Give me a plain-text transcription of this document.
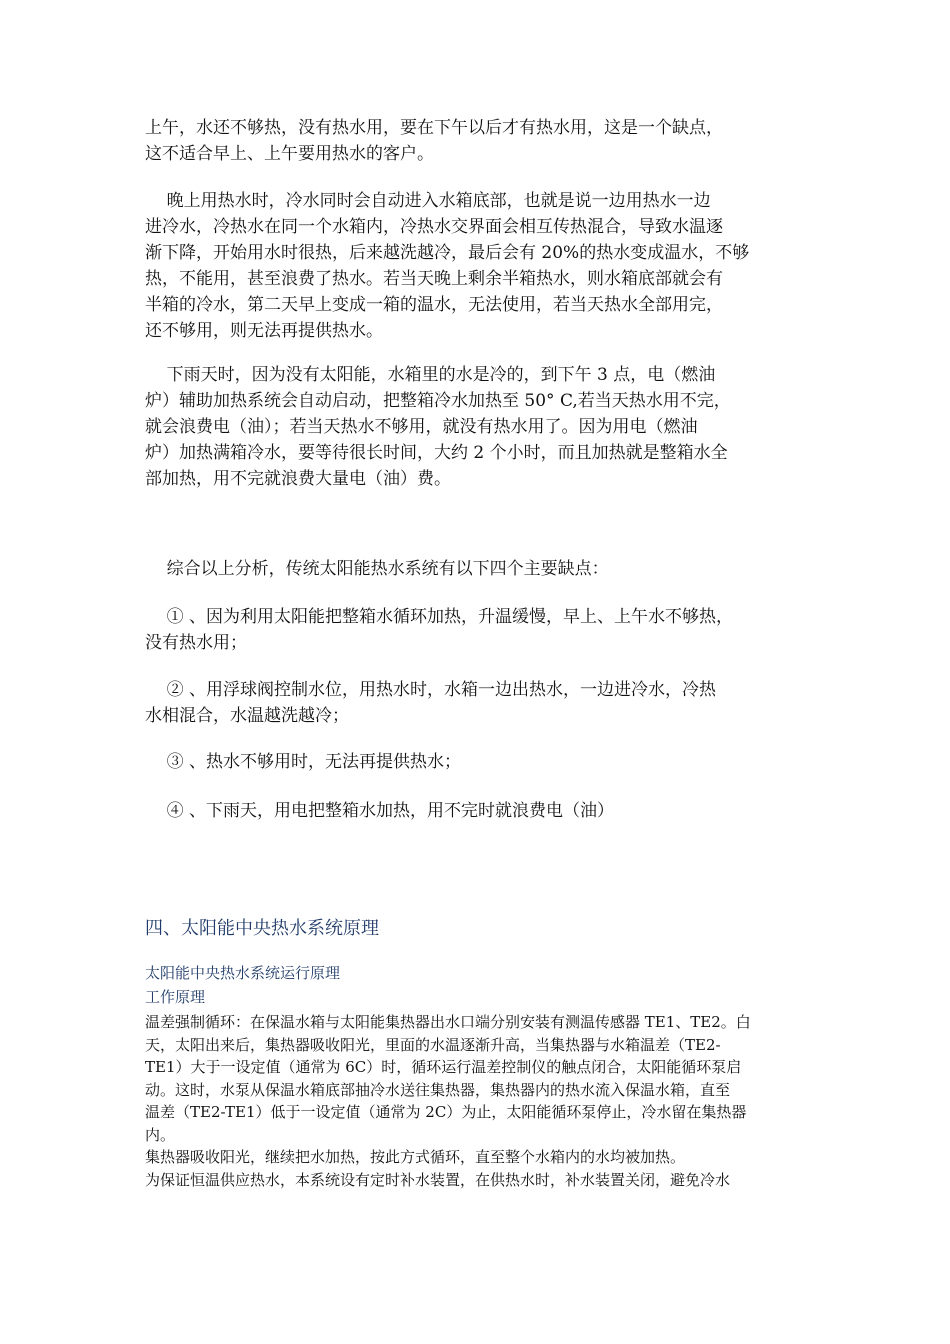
上午，水还不够热，没有热水用，要在下午以后才有热水用，这是一个缺点，

这不适合早上、上午要用热水的客户。

晚上用热水时，冷水同时会自动进入水箱底部，也就是说一边用热水一边

进冷水，冷热水在同一个水箱内，冷热水交界面会相互传热混合，导致水温逐

渐下降，开始用水时很热，后来越洗越冷，最后会有 20%的热水变成温水，不够

热，不能用，甚至浪费了热水。若当天晚上剩余半箱热水，则水箱底部就会有

半箱的冷水，第二天早上变成一箱的温水，无法使用，若当天热水全部用完，

还不够用，则无法再提供热水。

下雨天时，因为没有太阳能，水箱里的水是冷的，到下午 3 点，电（燃油

炉）辅助加热系统会自动启动，把整箱冷水加热至 50° C,若当天热水用不完，

就会浪费电（油）；若当天热水不够用，就没有热水用了。因为用电（燃油

炉）加热满箱冷水，要等待很长时间，大约 2 个小时，而且加热就是整箱水全

部加热，用不完就浪费大量电（油）费。

综合以上分析，传统太阳能热水系统有以下四个主要缺点：

① 、因为利用太阳能把整箱水循环加热，升温缓慢，早上、上午水不够热，

没有热水用；

② 、用浮球阀控制水位，用热水时，水箱一边出热水，一边进冷水，冷热

水相混合，水温越洗越冷；

③ 、热水不够用时，无法再提供热水；

④ 、下雨天，用电把整箱水加热，用不完时就浪费电（油）

四、太阳能中央热水系统原理

太阳能中央热水系统运行原理

工作原理

温差强制循环：在保温水箱与太阳能集热器出水口端分别安装有测温传感器 TE1、TE2。白

天，太阳出来后，集热器吸收阳光，里面的水温逐渐升高，当集热器与水箱温差（TE2-

TE1）大于一设定值（通常为 6C）时，循环运行温差控制仪的触点闭合，太阳能循环泵启

动。这时，水泵从保温水箱底部抽冷水送往集热器，集热器内的热水流入保温水箱，直至

温差（TE2-TE1）低于一设定值（通常为 2C）为止，太阳能循环泵停止，冷水留在集热器

内。

集热器吸收阳光，继续把水加热，按此方式循环，直至整个水箱内的水均被加热。

为保证恒温供应热水，本系统设有定时补水装置，在供热水时，补水装置关闭，避免冷水
